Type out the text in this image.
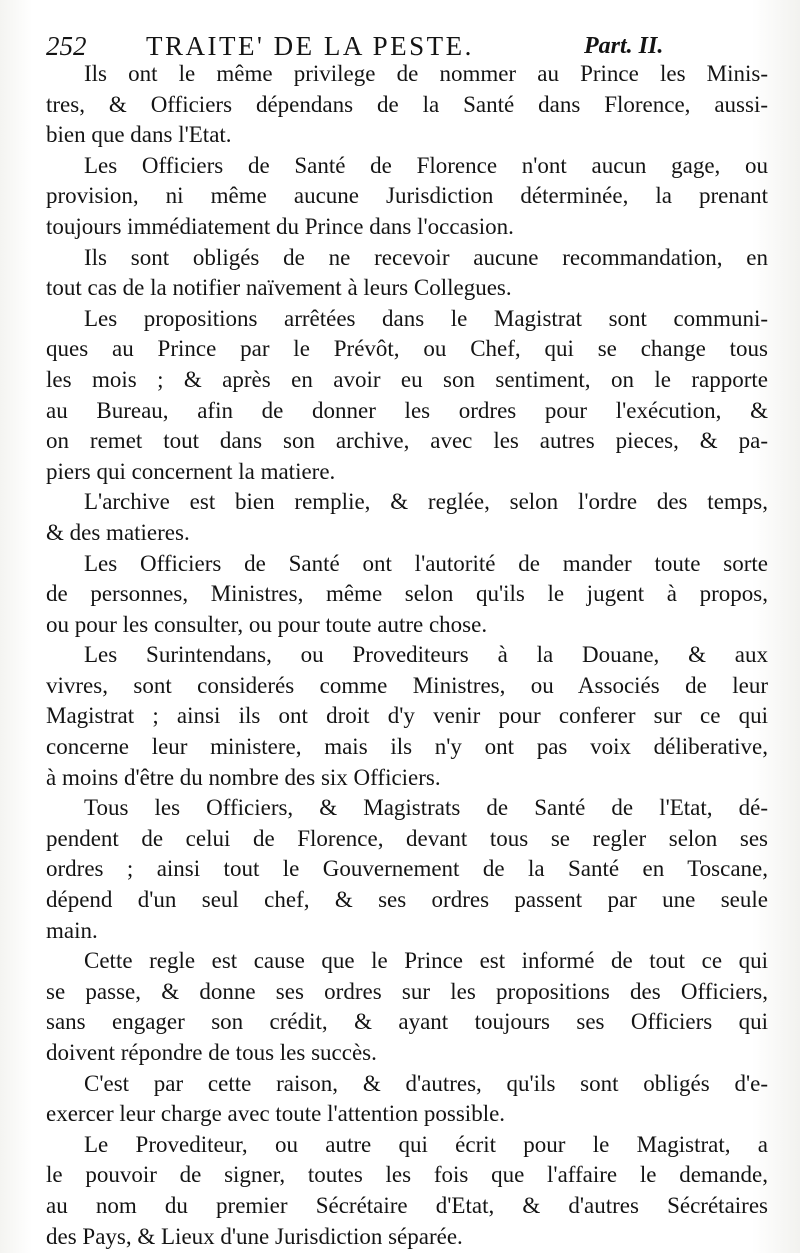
252 TRAITE' DE LA PESTE.	Part. II.
Ils ont le même privilege de nommer au Prince les Minis-
tres, & Officiers dépendans de la Santé dans Florence, aussi-
bien que dans l'Etat.
Les Officiers de Santé de Florence n'ont aucun gage, ou
provision, ni même aucune Jurisdiction déterminée, la prenant
toujours immédiatement du Prince dans l'occasion.
Ils sont obligés de ne recevoir aucune recommandation, en
tout cas de la notifier naïvement à leurs Collegues.
Les propositions arrêtées dans le Magistrat sont communi-
ques au Prince par le Prévôt, ou Chef, qui se change tous
les mois ; & après en avoir eu son sentiment, on le rapporte
au Bureau, afin de donner les ordres pour l'exécution, &
on remet tout dans son archive, avec les autres pieces, & pa-
piers qui concernent la matiere.
L'archive est bien remplie, & reglée, selon l'ordre des temps,
& des matieres.
Les Officiers de Santé ont l'autorité de mander toute sorte
de personnes, Ministres, même selon qu'ils le jugent à propos,
ou pour les consulter, ou pour toute autre chose.
Les Surintendans, ou Provediteurs à la Douane, & aux
vivres, sont considerés comme Ministres, ou Associés de leur
Magistrat ; ainsi ils ont droit d'y venir pour conferer sur ce qui
concerne leur ministere, mais ils n'y ont pas voix déliberative,
à moins d'être du nombre des six Officiers.
Tous les Officiers, & Magistrats de Santé de l'Etat, dé-
pendent de celui de Florence, devant tous se regler selon ses
ordres ; ainsi tout le Gouvernement de la Santé en Toscane,
dépend d'un seul chef, & ses ordres passent par une seule
main.
Cette regle est cause que le Prince est informé de tout ce qui
se passe, & donne ses ordres sur les propositions des Officiers,
sans engager son crédit, & ayant toujours ses Officiers qui
doivent répondre de tous les succès.
C'est par cette raison, & d'autres, qu'ils sont obligés d'e-
exercer leur charge avec toute l'attention possible.
Le Provediteur, ou autre qui écrit pour le Magistrat, a
le pouvoir de signer, toutes les fois que l'affaire le demande,
au nom du premier Sécrétaire d'Etat, & d'autres Sécrétaires
des Pays, & Lieux d'une Jurisdiction séparée.
